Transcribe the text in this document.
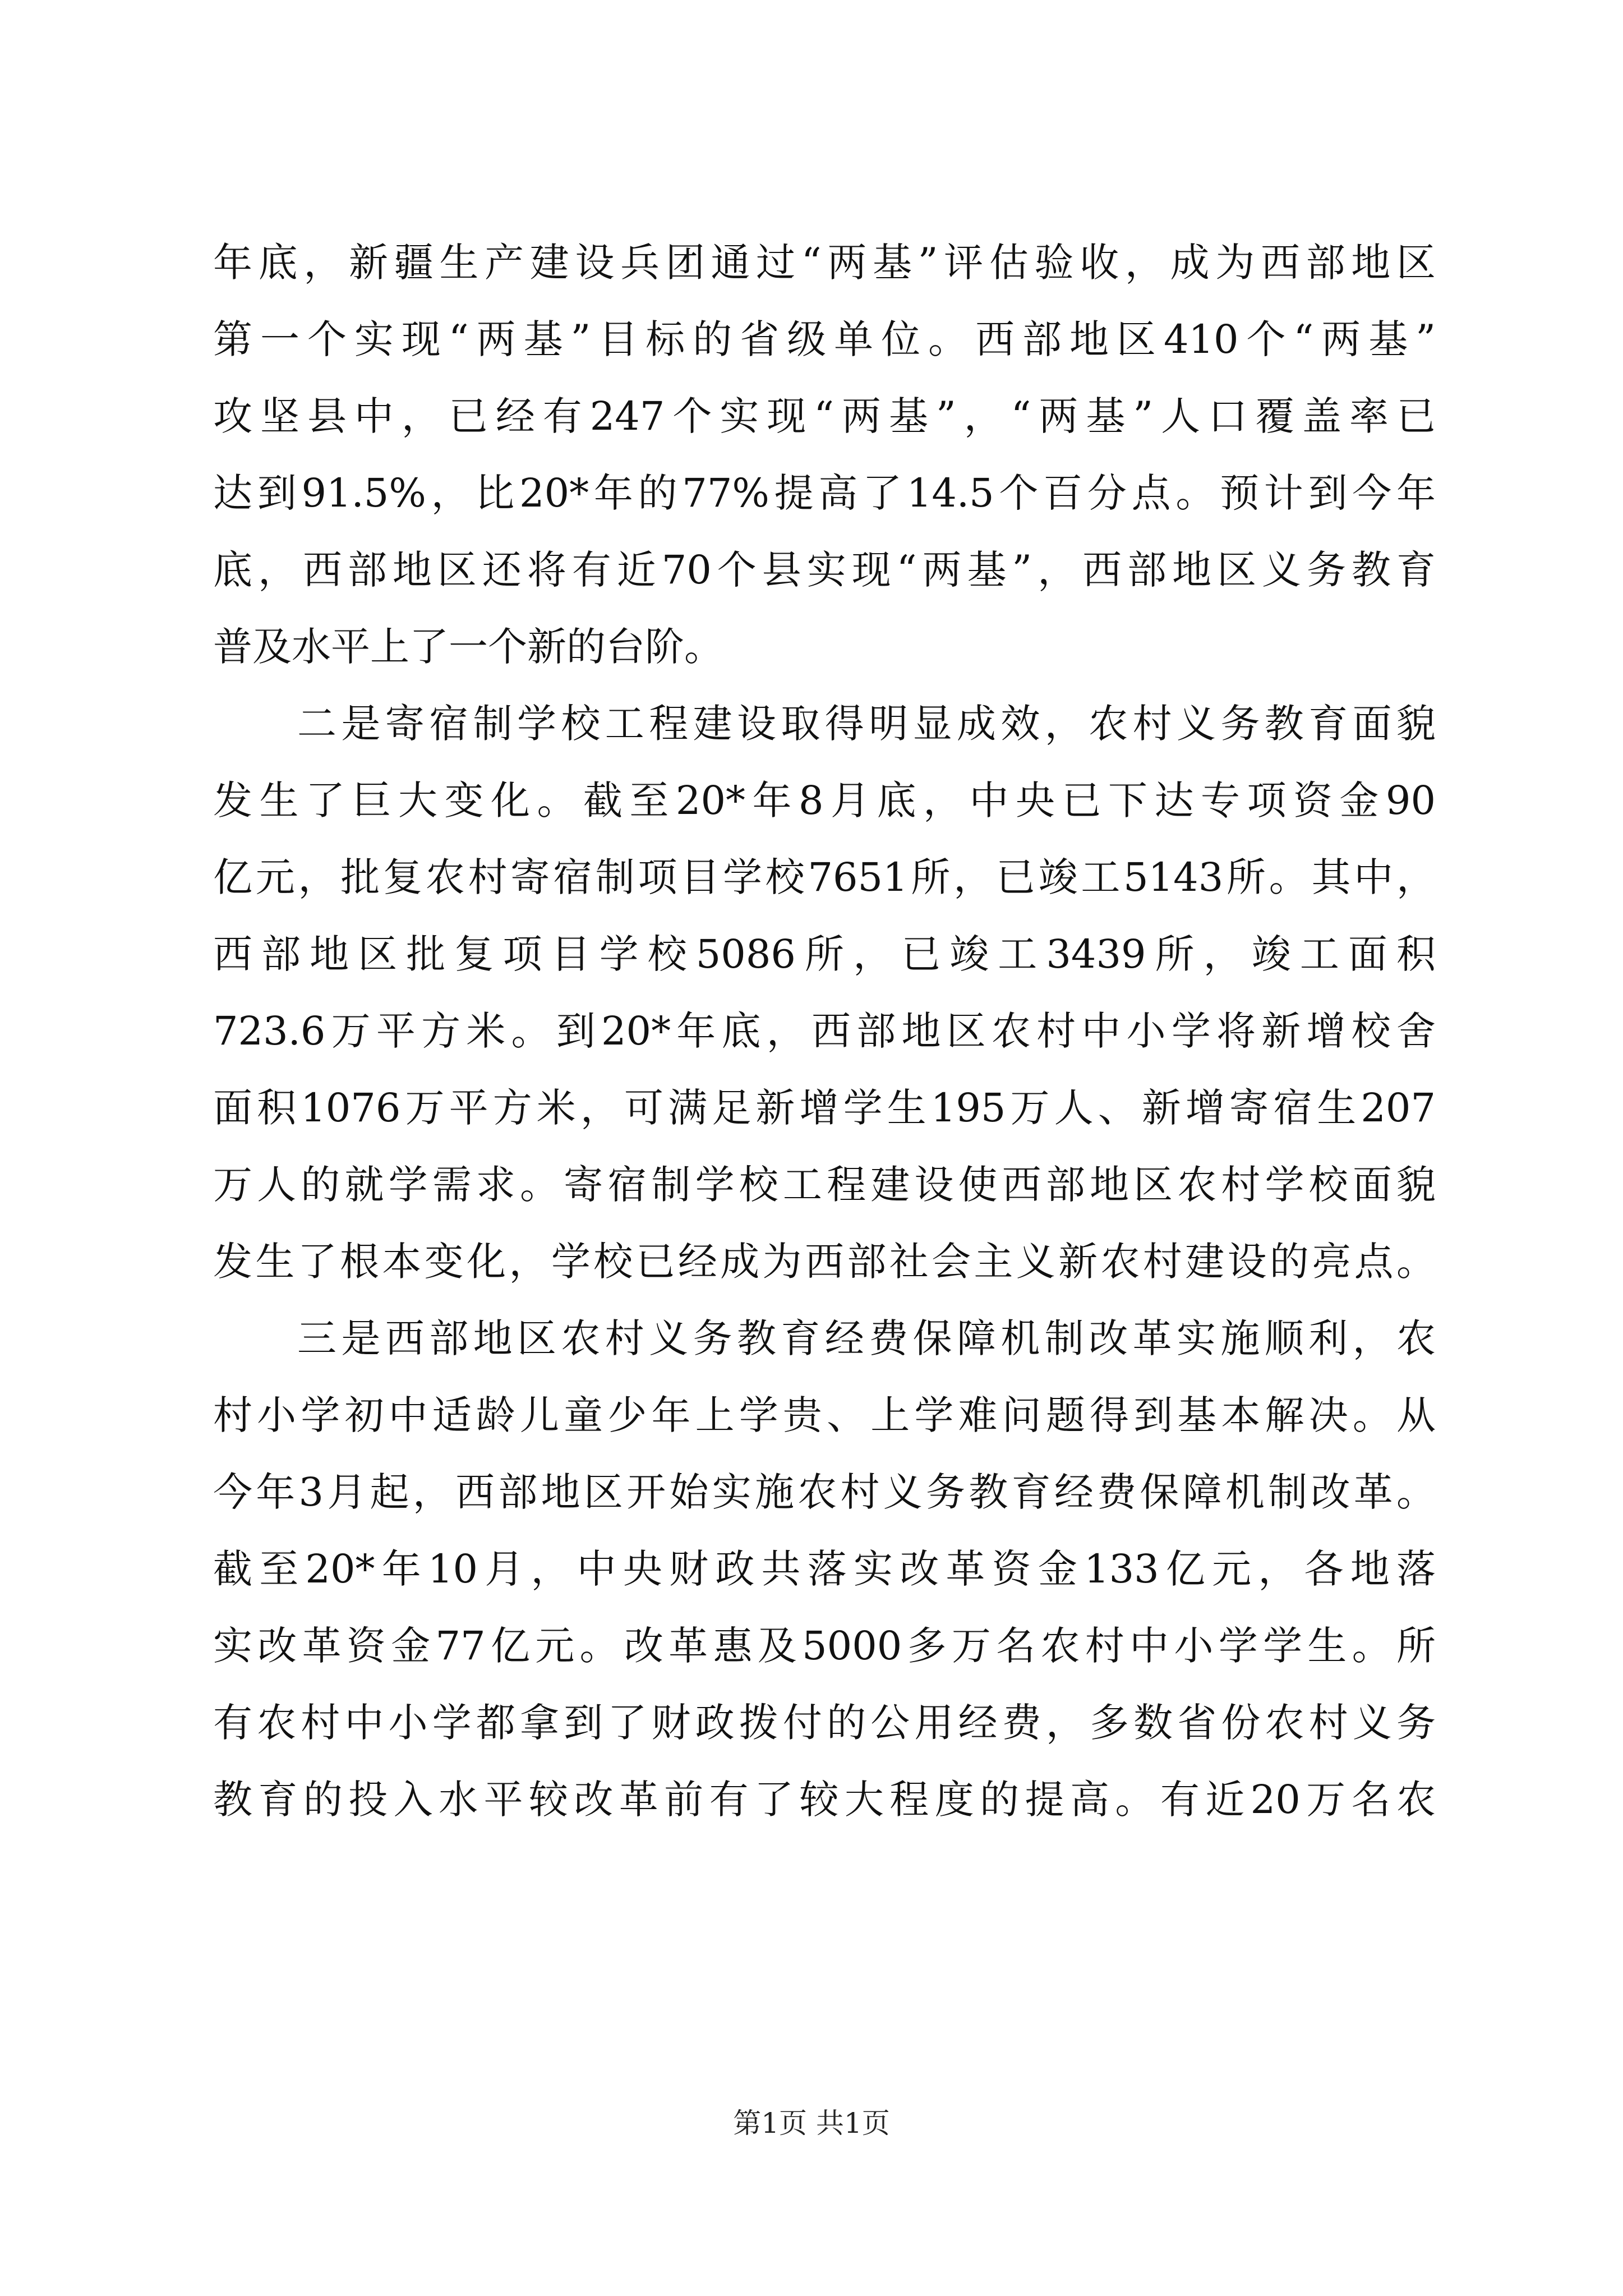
年底，新疆生产建设兵团通过“两基”评估验收，成为西部地区
第一个实现“两基”目标的省级单位。西部地区410个“两基”
攻坚县中，已经有247个实现“两基”，“两基”人口覆盖率已
达到91.5%，比20*年的77%提高了14.5个百分点。预计到今年
底，西部地区还将有近70个县实现“两基”，西部地区义务教育
普及水平上了一个新的台阶。
二是寄宿制学校工程建设取得明显成效，农村义务教育面貌
发生了巨大变化。截至20*年8月底，中央已下达专项资金90
亿元，批复农村寄宿制项目学校7651所，已竣工5143所。其中，
西部地区批复项目学校5086所，已竣工3439所，竣工面积
723.6万平方米。到20*年底，西部地区农村中小学将新增校舍
面积1076万平方米，可满足新增学生195万人、新增寄宿生207
万人的就学需求。寄宿制学校工程建设使西部地区农村学校面貌
发生了根本变化，学校已经成为西部社会主义新农村建设的亮点。
三是西部地区农村义务教育经费保障机制改革实施顺利，农
村小学初中适龄儿童少年上学贵、上学难问题得到基本解决。从
今年3月起，西部地区开始实施农村义务教育经费保障机制改革。
截至20*年10月，中央财政共落实改革资金133亿元，各地落
实改革资金77亿元。改革惠及5000多万名农村中小学学生。所
有农村中小学都拿到了财政拨付的公用经费，多数省份农村义务
教育的投入水平较改革前有了较大程度的提高。有近20万名农
第1页 共1页
